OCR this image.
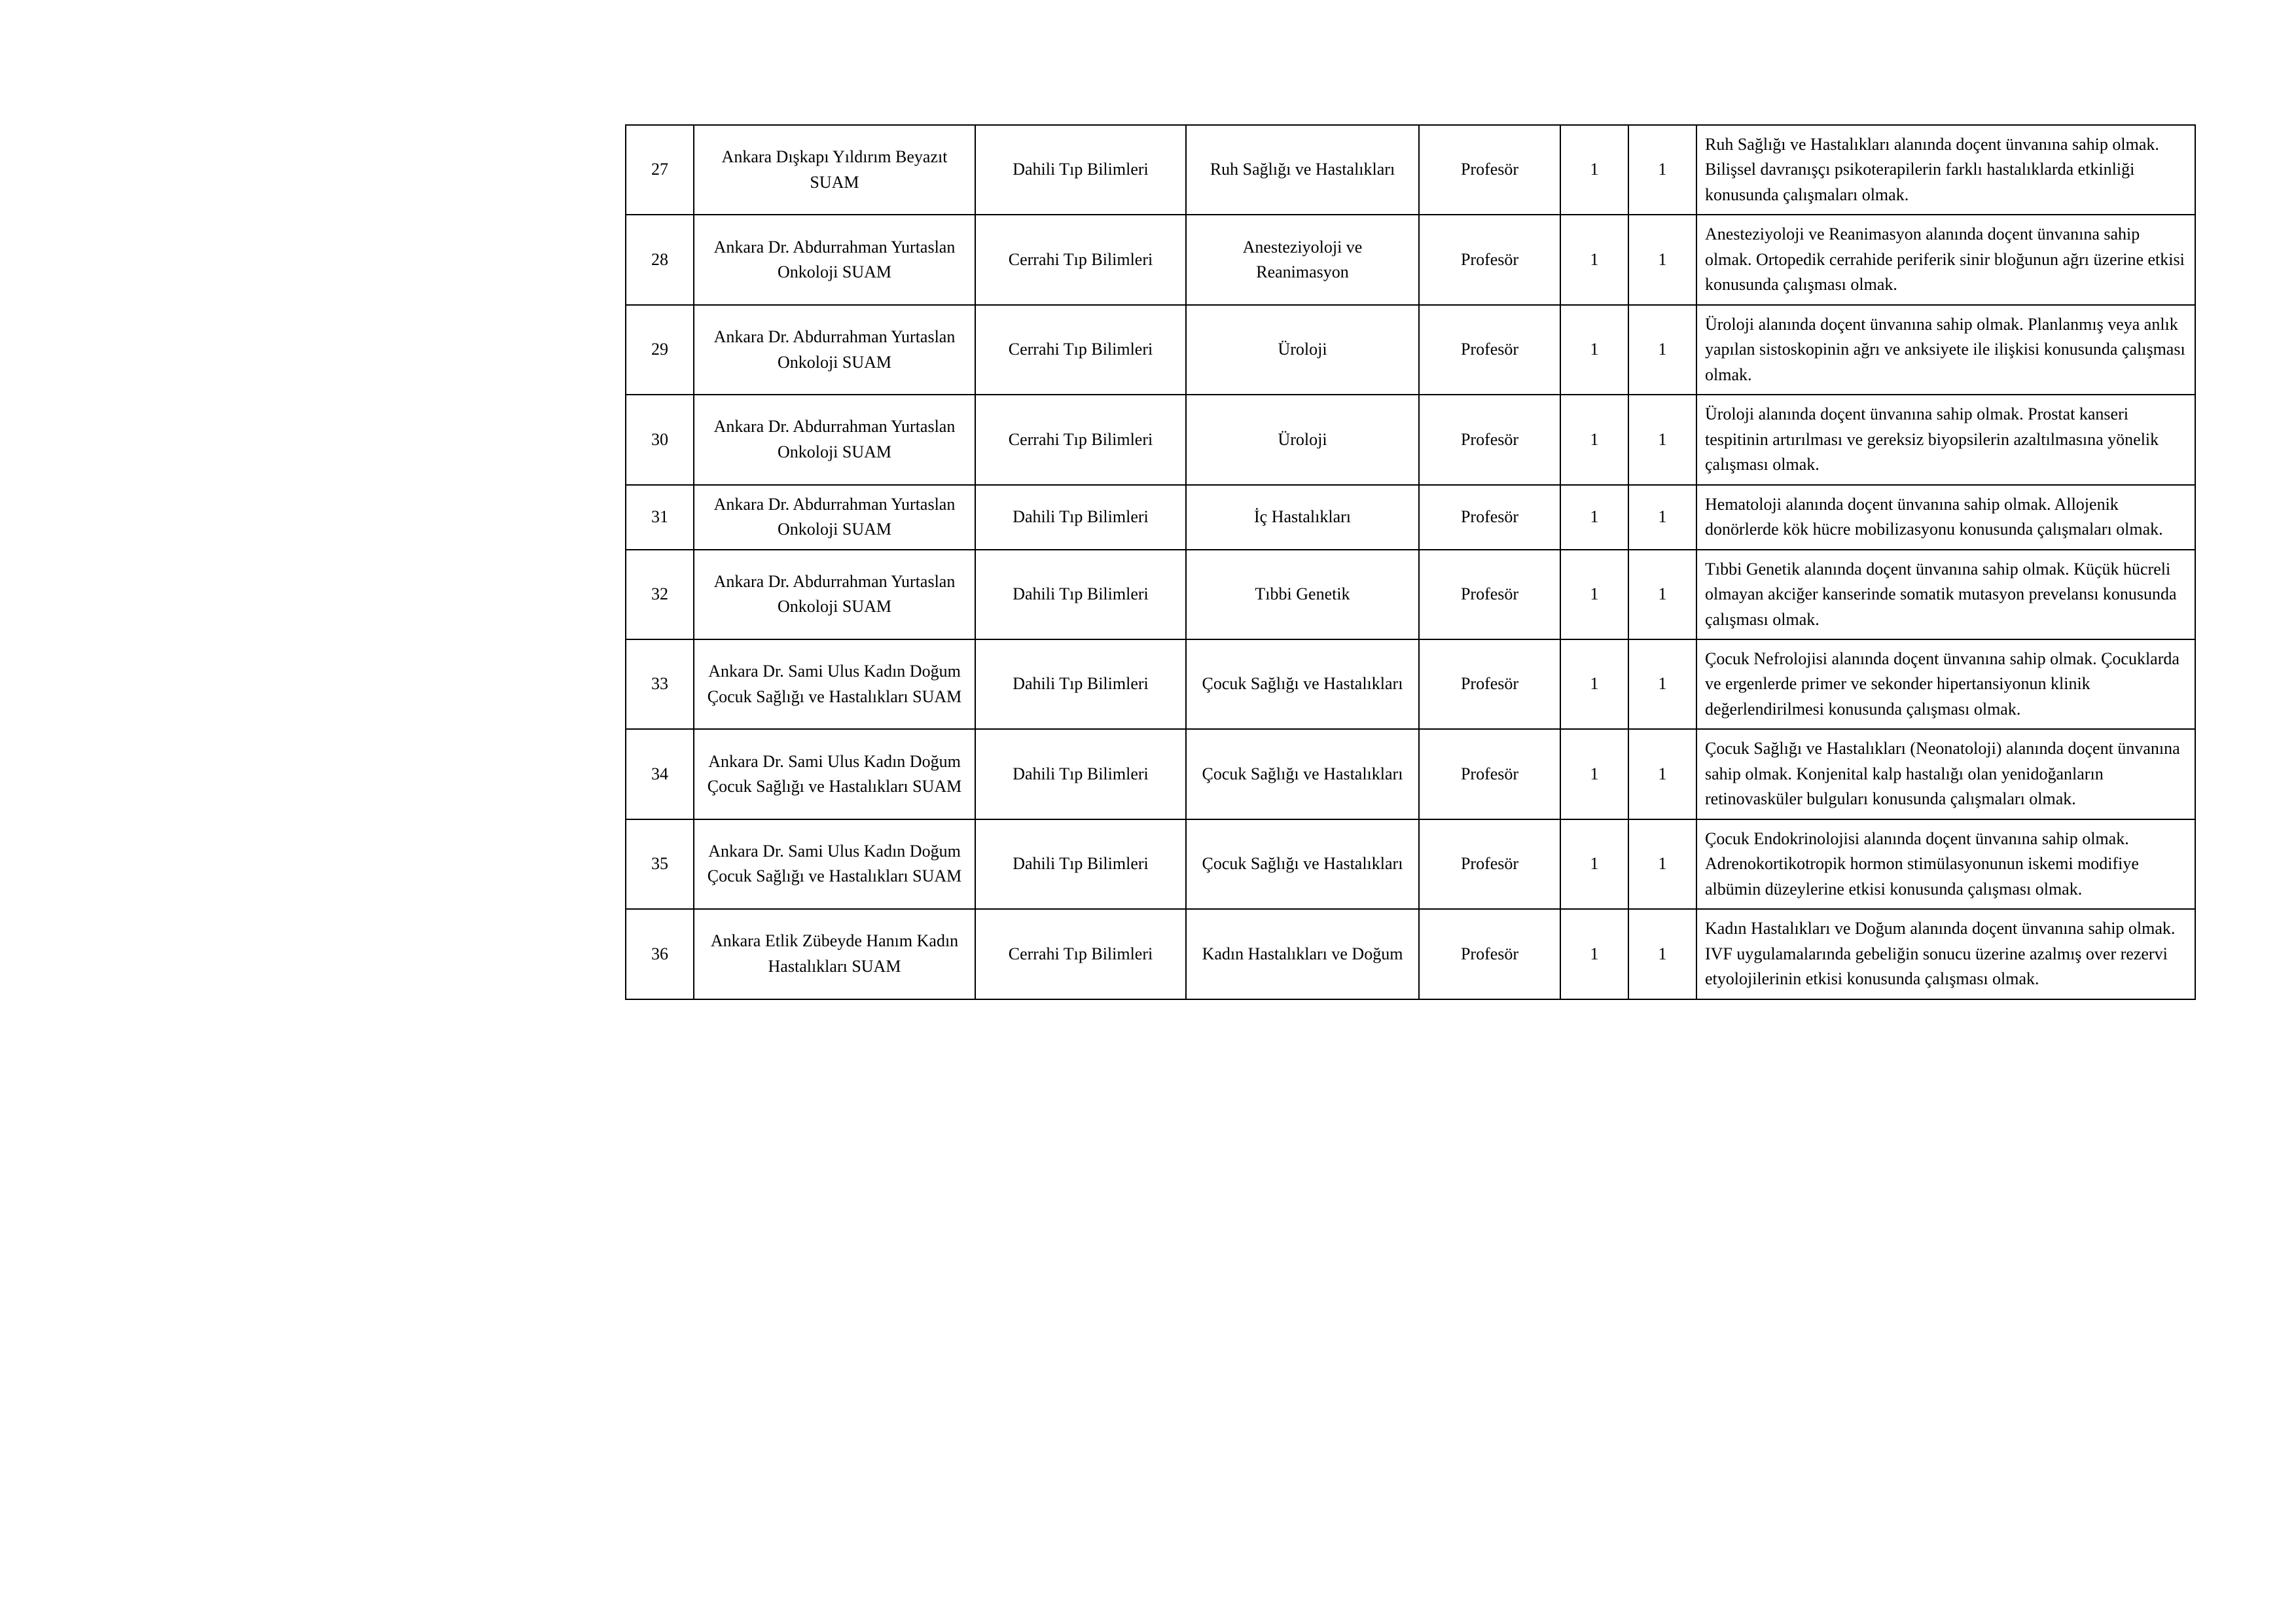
27	Ankara Dışkapı Yıldırım Beyazıt SUAM	Dahili Tıp Bilimleri	Ruh Sağlığı ve Hastalıkları	Profesör	1	1	Ruh Sağlığı ve Hastalıkları alanında doçent ünvanına sahip olmak. Bilişsel davranışçı psikoterapilerin farklı hastalıklarda etkinliği konusunda çalışmaları olmak.
28	Ankara Dr. Abdurrahman Yurtaslan Onkoloji SUAM	Cerrahi Tıp Bilimleri	Anesteziyoloji ve Reanimasyon	Profesör	1	1	Anesteziyoloji ve Reanimasyon alanında doçent ünvanına sahip olmak. Ortopedik cerrahide periferik sinir bloğunun ağrı üzerine etkisi konusunda çalışması olmak.
29	Ankara Dr. Abdurrahman Yurtaslan Onkoloji SUAM	Cerrahi Tıp Bilimleri	Üroloji	Profesör	1	1	Üroloji alanında doçent ünvanına sahip olmak. Planlanmış veya anlık yapılan sistoskopinin ağrı ve anksiyete ile ilişkisi konusunda çalışması olmak.
30	Ankara Dr. Abdurrahman Yurtaslan Onkoloji SUAM	Cerrahi Tıp Bilimleri	Üroloji	Profesör	1	1	Üroloji alanında doçent ünvanına sahip olmak. Prostat kanseri tespitinin artırılması ve gereksiz biyopsilerin azaltılmasına yönelik çalışması olmak.
31	Ankara Dr. Abdurrahman Yurtaslan Onkoloji SUAM	Dahili Tıp Bilimleri	İç Hastalıkları	Profesör	1	1	Hematoloji alanında doçent ünvanına sahip olmak. Allojenik donörlerde kök hücre mobilizasyonu konusunda çalışmaları olmak.
32	Ankara Dr. Abdurrahman Yurtaslan Onkoloji SUAM	Dahili Tıp Bilimleri	Tıbbi Genetik	Profesör	1	1	Tıbbi Genetik alanında doçent ünvanına sahip olmak. Küçük hücreli olmayan akciğer kanserinde somatik mutasyon prevelansı konusunda çalışması olmak.
33	Ankara Dr. Sami Ulus Kadın Doğum Çocuk Sağlığı ve Hastalıkları SUAM	Dahili Tıp Bilimleri	Çocuk Sağlığı ve Hastalıkları	Profesör	1	1	Çocuk Nefrolojisi alanında doçent ünvanına sahip olmak. Çocuklarda ve ergenlerde primer ve sekonder hipertansiyonun klinik değerlendirilmesi konusunda çalışması olmak.
34	Ankara Dr. Sami Ulus Kadın Doğum Çocuk Sağlığı ve Hastalıkları SUAM	Dahili Tıp Bilimleri	Çocuk Sağlığı ve Hastalıkları	Profesör	1	1	Çocuk Sağlığı ve Hastalıkları (Neonatoloji) alanında doçent ünvanına sahip olmak. Konjenital kalp hastalığı olan yenidoğanların retinovasküler bulguları konusunda çalışmaları olmak.
35	Ankara Dr. Sami Ulus Kadın Doğum Çocuk Sağlığı ve Hastalıkları SUAM	Dahili Tıp Bilimleri	Çocuk Sağlığı ve Hastalıkları	Profesör	1	1	Çocuk Endokrinolojisi alanında doçent ünvanına sahip olmak. Adrenokortikotropik hormon stimülasyonunun iskemi modifiye albümin düzeylerine etkisi konusunda çalışması olmak.
36	Ankara Etlik Zübeyde Hanım Kadın Hastalıkları SUAM	Cerrahi Tıp Bilimleri	Kadın Hastalıkları ve Doğum	Profesör	1	1	Kadın Hastalıkları ve Doğum alanında doçent ünvanına sahip olmak. IVF uygulamalarında gebeliğin sonucu üzerine azalmış over rezervi etyolojilerinin etkisi konusunda çalışması olmak.
